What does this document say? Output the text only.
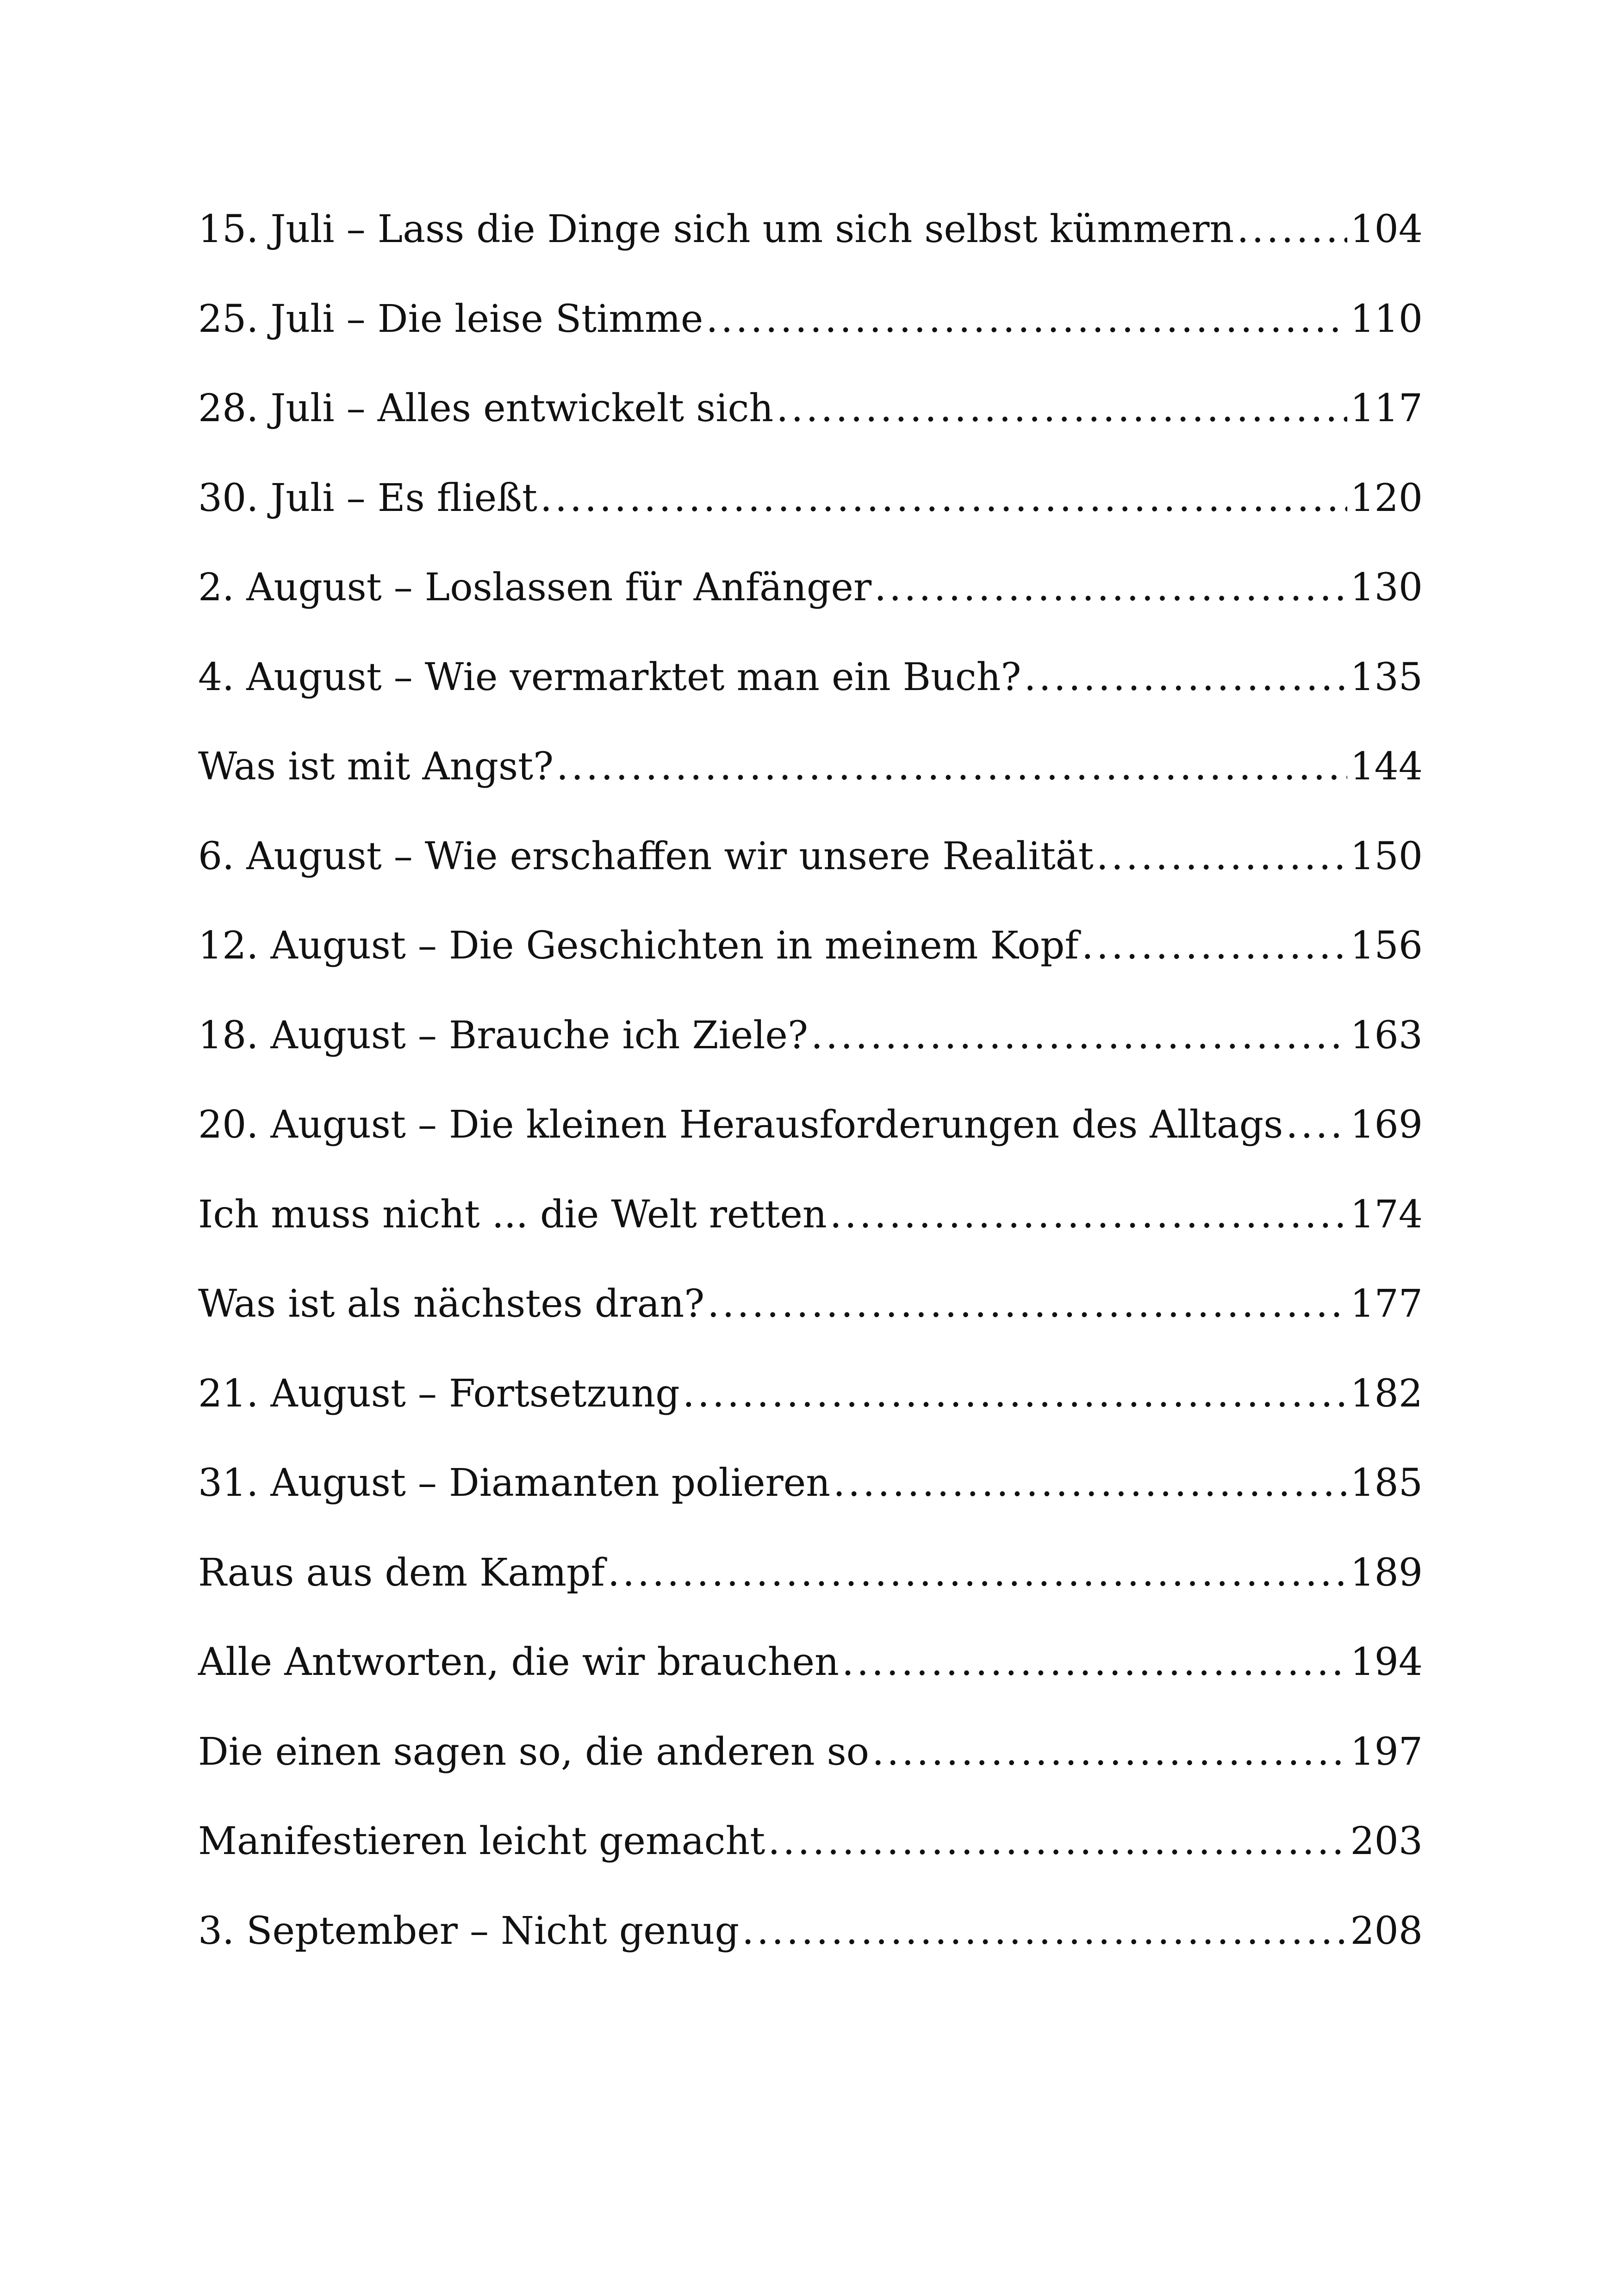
15. Juli – Lass die Dinge sich um sich selbst kümmern .....	104
25. Juli – Die leise Stimme .....	110
28. Juli – Alles entwickelt sich .....	117
30. Juli – Es fließt .....	120
2. August – Loslassen für Anfänger .....	130
4. August – Wie vermarktet man ein Buch? .....	135
Was ist mit Angst? .....	144
6. August – Wie erschaffen wir unsere Realität .....	150
12. August – Die Geschichten in meinem Kopf .....	156
18. August – Brauche ich Ziele? .....	163
20. August – Die kleinen Herausforderungen des Alltags ..... 169
Ich muss nicht ... die Welt retten .....	174
Was ist als nächstes dran? .....	177
21. August – Fortsetzung .....	182
31. August – Diamanten polieren .....	185
Raus aus dem Kampf .....	189
Alle Antworten, die wir brauchen .....	194
Die einen sagen so, die anderen so .....	197
Manifestieren leicht gemacht .....	203
3. September – Nicht genug .....	208
